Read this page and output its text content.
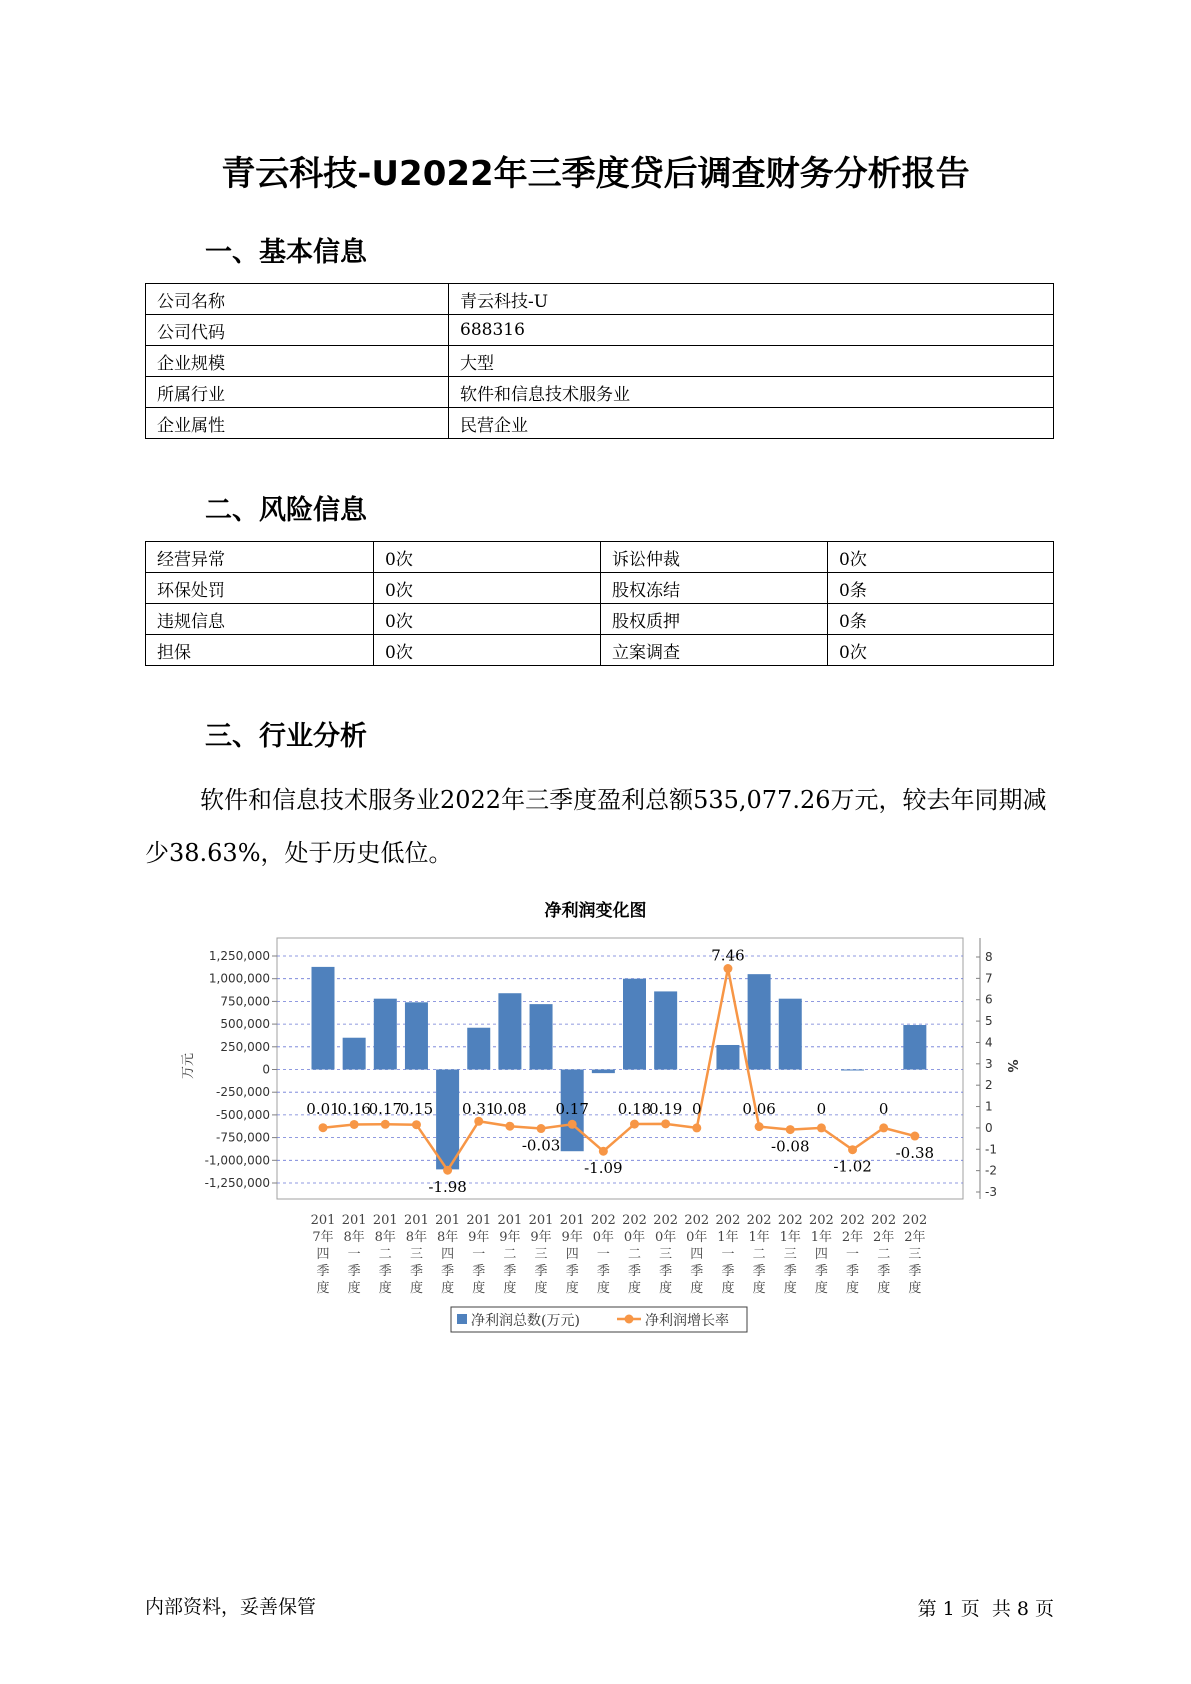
青云科技-U2022年三季度贷后调查财务分析报告
一、基本信息
公司名称	青云科技-U
公司代码	688316
企业规模	大型
所属行业	软件和信息技术服务业
企业属性	民营企业
二、风险信息
经营异常	0次	诉讼仲裁	0次
环保处罚	0次	股权冻结	0条
违规信息	0次	股权质押	0条
担保	0次	立案调查	0次
三、行业分析
软件和信息技术服务业2022年三季度盈利总额535,077.26万元，较去年同期减少38.63%，处于历史低位。
净利润变化图
1,250,000
1,000,000
750,000
500,000
250,000
0
-250,000
-500,000
-750,000
-1,000,000
-1,250,000
8
7
6
5
4
3
2
1
0
-1
-2
-3
万元	%
0.01
0.16
0.17
0.15
-1.98
0.31
0.08
-0.03
0.17
-1.09
0.18
0.19 0
7.46
0.06
-0.08
0
-1.02
0
-0.38
201
7年
四
季
度
201
8年
一
季
度
201
8年
二
季
度
201
8年
三
季
度
201
8年
四
季
度
201
9年
一
季
度
201
9年
二
季
度
201
9年
三
季
度
201
9年
四
季
度
202
0年
一
季
度
202
0年
二
季
度
202
0年
三
季
度
202
0年
四
季
度
202
1年
一
季
度
202
1年
二
季
度
202
1年
三
季
度
202
1年
四
季
度
202
2年
一
季
度
202
2年
二
季
度
202
2年
三
季
度
净利润总数(万元)	净利润增长率
内部资料，妥善保管	第 1 页  共 8 页
